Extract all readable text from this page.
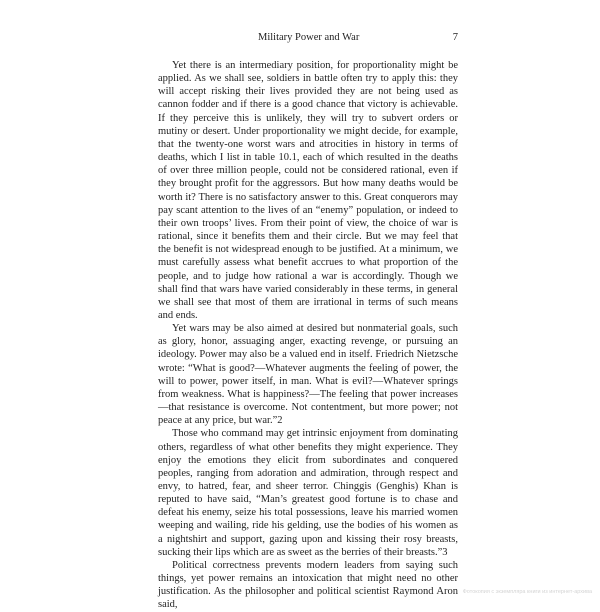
Military Power and War	7

Yet there is an intermediary position, for proportionality might be applied. As we shall see, soldiers in battle often try to apply this: they will accept risking their lives provided they are not being used as cannon fodder and if there is a good chance that victory is achievable. If they perceive this is unlikely, they will try to subvert orders or mutiny or desert. Under proportionality we might decide, for example, that the twenty-one worst wars and atrocities in history in terms of deaths, which I list in table 10.1, each of which resulted in the deaths of over three million people, could not be considered rational, even if they brought profit for the aggressors. But how many deaths would be worth it? There is no satisfactory answer to this. Great conquerors may pay scant attention to the lives of an “enemy” population, or indeed to their own troops’ lives. From their point of view, the choice of war is rational, since it benefits them and their circle. But we may feel that the benefit is not widespread enough to be justified. At a minimum, we must carefully assess what benefit accrues to what proportion of the people, and to judge how rational a war is accordingly. Though we shall find that wars have varied considerably in these terms, in general we shall see that most of them are irrational in terms of such means and ends.

Yet wars may be also aimed at desired but nonmaterial goals, such as glory, honor, assuaging anger, exacting revenge, or pursuing an ideology. Power may also be a valued end in itself. Friedrich Nietzsche wrote: “What is good?—Whatever augments the feeling of power, the will to power, power itself, in man. What is evil?—Whatever springs from weakness. What is happiness?—The feeling that power increases—that resistance is overcome. Not contentment, but more power; not peace at any price, but war.”2

Those who command may get intrinsic enjoyment from dominating others, regardless of what other benefits they might experience. They enjoy the emotions they elicit from subordinates and conquered peoples, ranging from adoration and admiration, through respect and envy, to hatred, fear, and sheer terror. Chinggis (Genghis) Khan is reputed to have said, “Man’s greatest good fortune is to chase and defeat his enemy, seize his total possessions, leave his married women weeping and wailing, ride his gelding, use the bodies of his women as a nightshirt and support, gazing upon and kissing their rosy breasts, sucking their lips which are as sweet as the berries of their breasts.”3

Political correctness prevents modern leaders from saying such things, yet power remains an intoxication that might need no other justification. As the philosopher and political scientist Raymond Aron said,

Фотокопия с экземпляра книги из интернет-архива
